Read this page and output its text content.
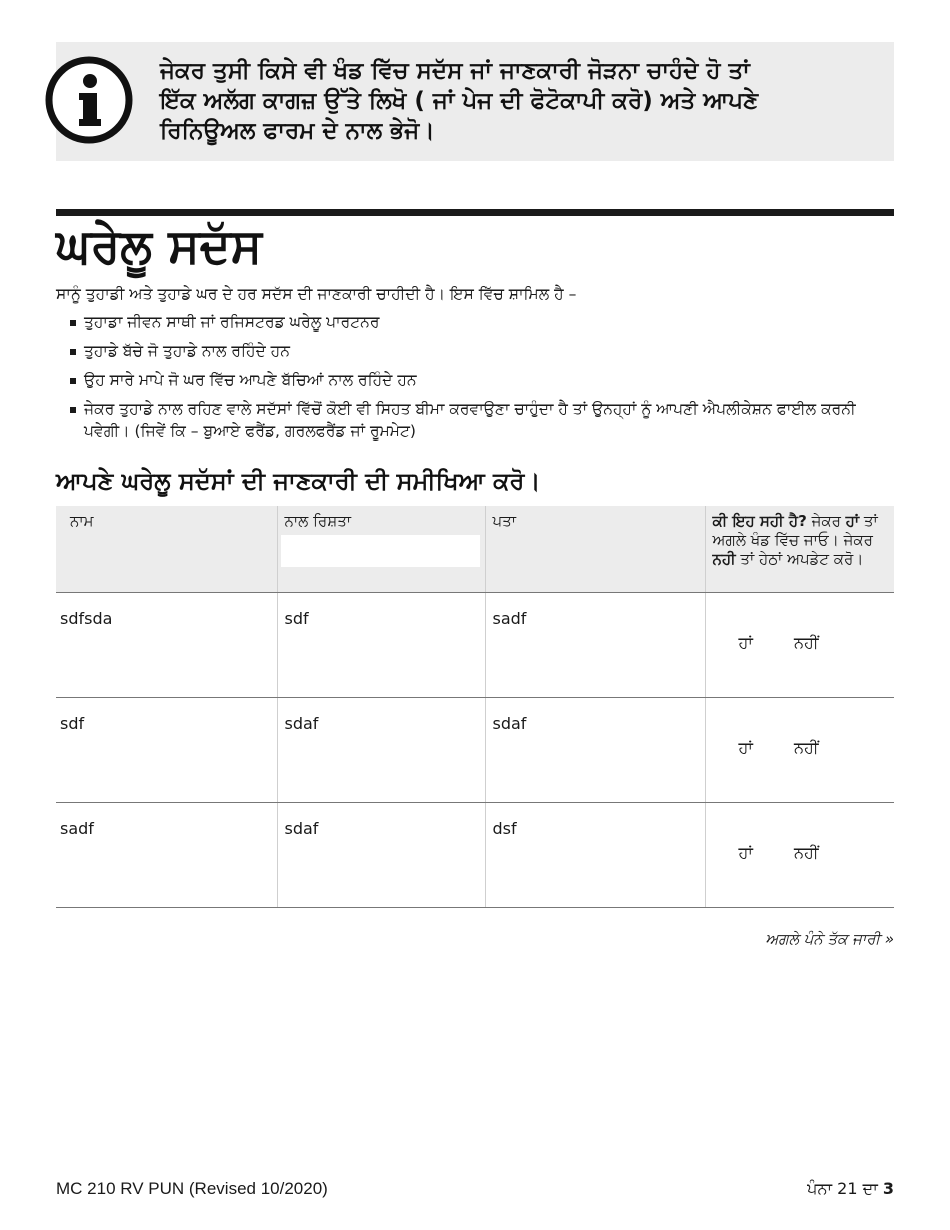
ਜੇਕਰ ਤੁਸੀ ਕਿਸੇ ਵੀ ਖੰਡ ਵਿੱਚ ਸਦੱਸ ਜਾਂ ਜਾਣਕਾਰੀ ਜੋੜਨਾ ਚਾਹੰਦੇ ਹੋ ਤਾਂ
ਇੱਕ ਅਲੱਗ ਕਾਗਜ਼ ਉੱਤੇ ਲਿਖੋ ( ਜਾਂ ਪੇਜ ਦੀ ਫੋਟੋਕਾਪੀ ਕਰੋ) ਅਤੇ ਆਪਣੇ
ਰਿਨਿਊਅਲ ਫਾਰਮ ਦੇ ਨਾਲ ਭੇਜੋ।
ਘਰੇਲੂ ਸਦੱਸ
ਸਾਨੂੰ ਤੁਹਾਡੀ ਅਤੇ ਤੁਹਾਡੇ ਘਰ ਦੇ ਹਰ ਸਦੱਸ ਦੀ ਜਾਣਕਾਰੀ ਚਾਹੀਦੀ ਹੈ। ਇਸ ਵਿੱਚ ਸ਼ਾਮਿਲ ਹੈ –
ਤੁਹਾਡਾ ਜੀਵਨ ਸਾਥੀ ਜਾਂ ਰਜਿਸਟਰਡ ਘਰੇਲੂ ਪਾਰਟਨਰ
ਤੁਹਾਡੇ ਬੱਚੇ ਜੋ ਤੁਹਾਡੇ ਨਾਲ ਰਹਿੰਦੇ ਹਨ
ਉਹ ਸਾਰੇ ਮਾਪੇ ਜੋ ਘਰ ਵਿੱਚ ਆਪਣੇ ਬੱਚਿਆਂ ਨਾਲ ਰਹਿੰਦੇ ਹਨ
ਜੇਕਰ ਤੁਹਾਡੇ ਨਾਲ ਰਹਿਣ ਵਾਲੇ ਸਦੱਸਾਂ ਵਿੱਚੋਂ ਕੋਈ ਵੀ ਸਿਹਤ ਬੀਮਾ ਕਰਵਾਉਣਾ ਚਾਹੁੰਦਾ ਹੈ ਤਾਂ ਉਨਹ੍ਹਾਂ ਨੂੰ ਆਪਣੀ ਐਪਲੀਕੇਸ਼ਨ ਫਾਈਲ ਕਰਨੀ ਪਵੇਗੀ। (ਜਿਵੇਂ ਕਿ – ਬੁਆਏ ਫਰੈਂਡ, ਗਰਲਫਰੈਂਡ ਜਾਂ ਰੂਮਮੇਟ)
ਆਪਣੇ ਘਰੇਲੂ ਸਦੱਸਾਂ ਦੀ ਜਾਣਕਾਰੀ ਦੀ ਸਮੀਖਿਆ ਕਰੋ।
ਨਾਮ	ਨਾਲ ਰਿਸ਼ਤਾ	ਪਤਾ	ਕੀ ਇਹ ਸਹੀ ਹੈ? ਜੇਕਰ ਹਾਂ ਤਾਂ ਅਗਲੇ ਖੰਡ ਵਿੱਚ ਜਾਓ। ਜੇਕਰ ਨਹੀ ਤਾਂ ਹੇਠਾਂ ਅਪਡੇਟ ਕਰੋ।
sdfsda	sdf	sadf	ਹਾਂ ਨਹੀਂ

sdf	sdaf	sdaf	ਹਾਂ ਨਹੀਂ

sadf	sdaf	dsf	ਹਾਂ ਨਹੀਂ
ਅਗਲੇ ਪੰਨੇ ਤੱਕ ਜਾਰੀ »
MC 210 RV PUN (Revised 10/2020)	ਪੰਨਾ 21 ਦਾ 3
